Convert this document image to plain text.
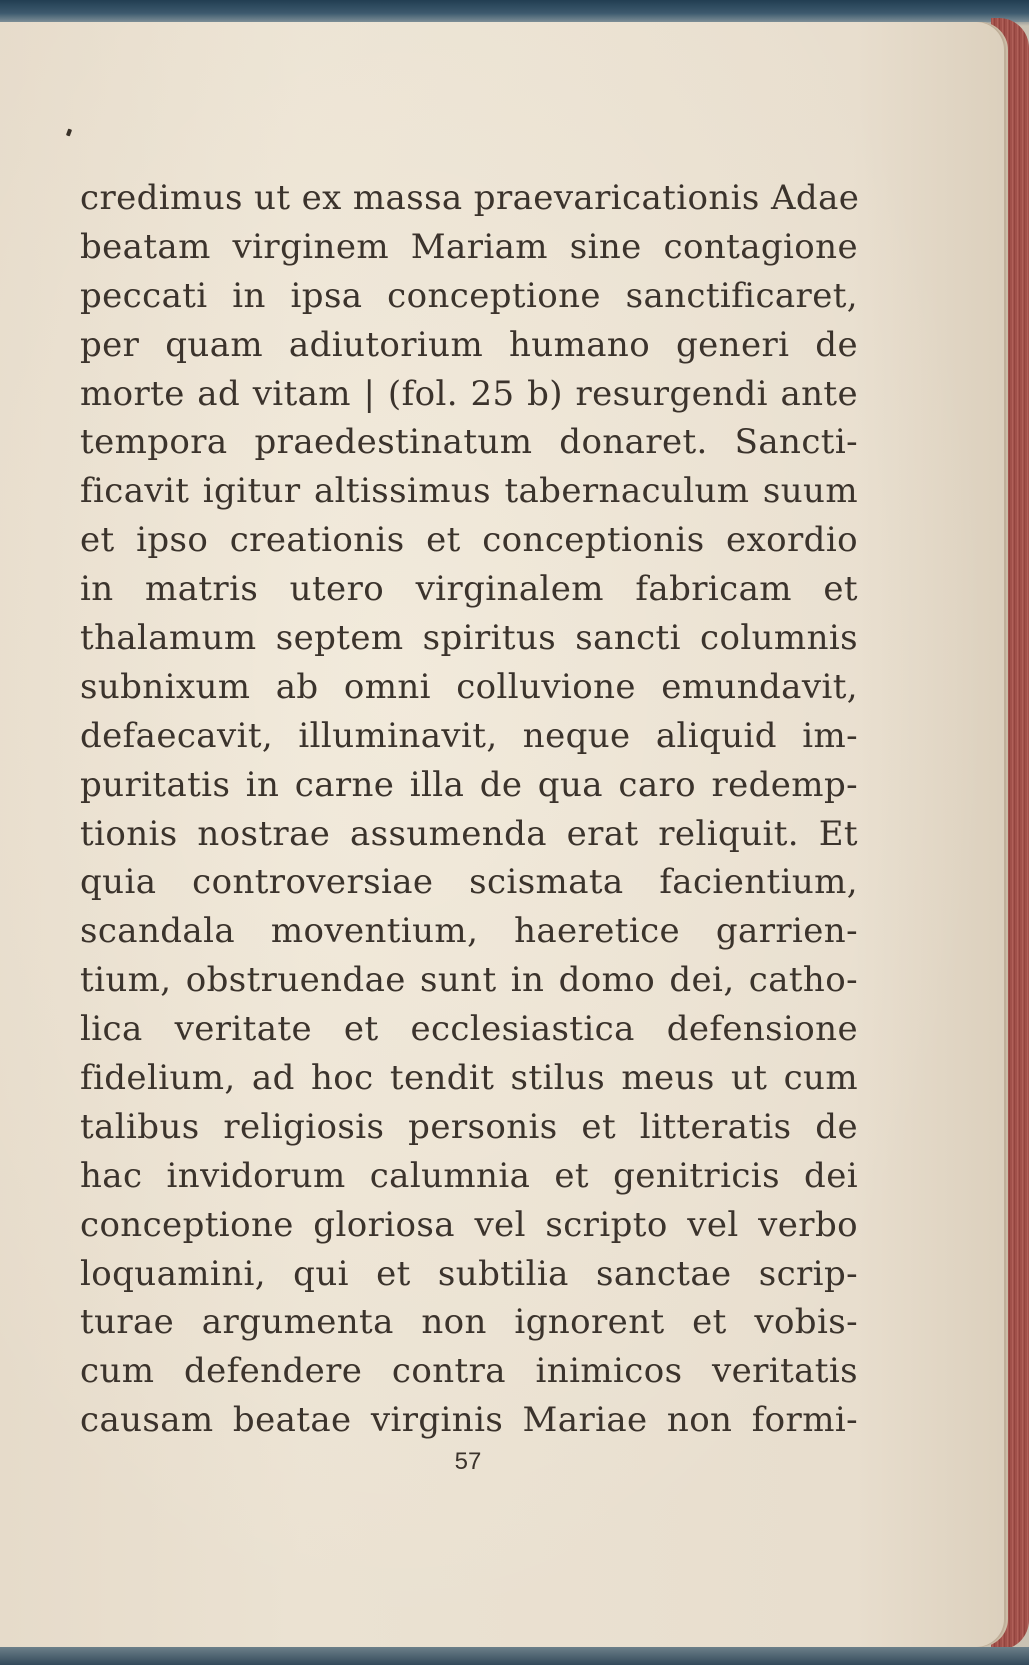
credimus ut ex massa praevaricationis Adae
beatam virginem Mariam sine contagione
peccati in ipsa conceptione sanctificaret,
per quam adiutorium humano generi de
morte ad vitam | (fol. 25 b) resurgendi ante
tempora praedestinatum donaret. Sancti-
ficavit igitur altissimus tabernaculum suum
et ipso creationis et conceptionis exordio
in matris utero virginalem fabricam et
thalamum septem spiritus sancti columnis
subnixum ab omni colluvione emundavit,
defaecavit, illuminavit, neque aliquid im-
puritatis in carne illa de qua caro redemp-
tionis nostrae assumenda erat reliquit. Et
quia controversiae scismata facientium,
scandala moventium, haeretice garrien-
tium, obstruendae sunt in domo dei, catho-
lica veritate et ecclesiastica defensione
fidelium, ad hoc tendit stilus meus ut cum
talibus religiosis personis et litteratis de
hac invidorum calumnia et genitricis dei
conceptione gloriosa vel scripto vel verbo
loquamini, qui et subtilia sanctae scrip-
turae argumenta non ignorent et vobis-
cum defendere contra inimicos veritatis
causam beatae virginis Mariae non formi-
57
